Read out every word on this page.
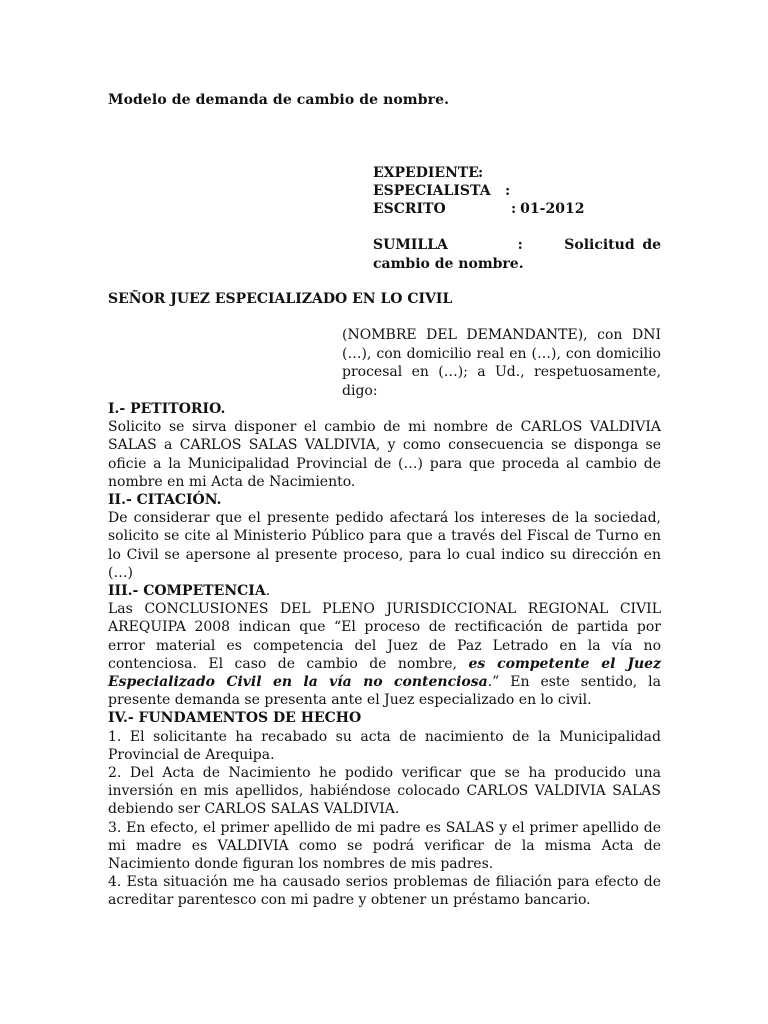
Modelo de demanda de cambio de nombre.
EXPEDIENTE :
ESPECIALISTA	:
ESCRITO	: 01-2012
SUMILLA	:  Solicitud de cambio de nombre.
SEÑOR JUEZ ESPECIALIZADO EN LO CIVIL
(NOMBRE DEL DEMANDANTE), con DNI (…), con domicilio real en (…), con domicilio procesal en (…); a Ud., respetuosamente, digo:

I.- PETITORIO.

Solicito se sirva disponer el cambio de mi nombre de CARLOS VALDIVIA SALAS a CARLOS SALAS VALDIVIA, y como consecuencia se disponga se oficie a la Municipalidad Provincial de (…) para que proceda al cambio de nombre en mi Acta de Nacimiento.

II.- CITACIÓN.

De considerar que el presente pedido afectará los intereses de la sociedad, solicito se cite al Ministerio Público para que a través del Fiscal de Turno en lo Civil se apersone al presente proceso, para lo cual indico su dirección en (…)

III.- COMPETENCIA.

Las CONCLUSIONES DEL PLENO JURISDICCIONAL REGIONAL CIVIL AREQUIPA 2008 indican que “El proceso de rectificación de partida por error material es competencia del Juez de Paz Letrado en la vía no contenciosa. El caso de cambio de nombre, es competente el Juez Especializado Civil en la vía no contenciosa.” En este sentido, la presente demanda se presenta ante el Juez especializado en lo civil.

IV.- FUNDAMENTOS DE HECHO

1. El solicitante ha recabado su acta de nacimiento de la Municipalidad Provincial de Arequipa.

2. Del Acta de Nacimiento he podido verificar que se ha producido una inversión en mis apellidos, habiéndose colocado CARLOS VALDIVIA SALAS debiendo ser CARLOS SALAS VALDIVIA.

3. En efecto, el primer apellido de mi padre es SALAS y el primer apellido de mi madre es VALDIVIA como se podrá verificar de la misma Acta de Nacimiento donde figuran los nombres de mis padres.

4. Esta situación me ha causado serios problemas de filiación para efecto de acreditar parentesco con mi padre y obtener un préstamo bancario.
